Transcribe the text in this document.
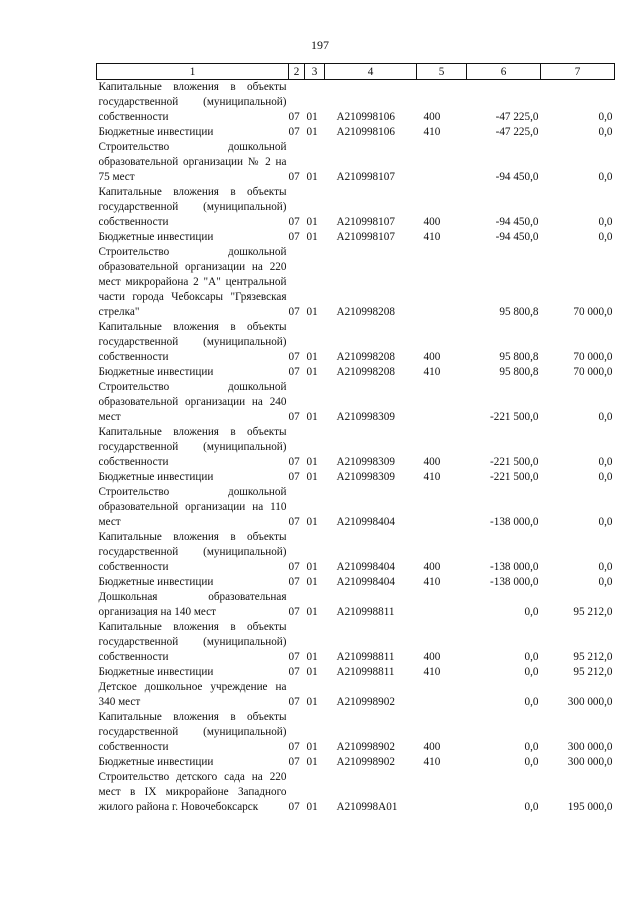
197
1	2	3	4	5	6	7
Капитальные вложения в объекты государственной (муниципальной) собственности	07	01	А210998106	400	-47 225,0	0,0
Бюджетные инвестиции	07	01	А210998106	410	-47 225,0	0,0
Строительство дошкольной образовательной организации № 2 на 75 мест	07	01	А210998107		-94 450,0	0,0
Капитальные вложения в объекты государственной (муниципальной) собственности	07	01	А210998107	400	-94 450,0	0,0
Бюджетные инвестиции	07	01	А210998107	410	-94 450,0	0,0
Строительство дошкольной образовательной организации на 220 мест микрорайона 2 "А" центральной части города Чебоксары "Грязевская стрелка"	07	01	А210998208		95 800,8	70 000,0
Капитальные вложения в объекты государственной (муниципальной) собственности	07	01	А210998208	400	95 800,8	70 000,0
Бюджетные инвестиции	07	01	А210998208	410	95 800,8	70 000,0
Строительство дошкольной образовательной организации на 240 мест	07	01	А210998309		-221 500,0	0,0
Капитальные вложения в объекты государственной (муниципальной) собственности	07	01	А210998309	400	-221 500,0	0,0
Бюджетные инвестиции	07	01	А210998309	410	-221 500,0	0,0
Строительство дошкольной образовательной организации на 110 мест	07	01	А210998404		-138 000,0	0,0
Капитальные вложения в объекты государственной (муниципальной) собственности	07	01	А210998404	400	-138 000,0	0,0
Бюджетные инвестиции	07	01	А210998404	410	-138 000,0	0,0
Дошкольная образовательная организация на 140 мест	07	01	А210998811		0,0	95 212,0
Капитальные вложения в объекты государственной (муниципальной) собственности	07	01	А210998811	400	0,0	95 212,0
Бюджетные инвестиции	07	01	А210998811	410	0,0	95 212,0
Детское дошкольное учреждение на 340 мест	07	01	А210998902		0,0	300 000,0
Капитальные вложения в объекты государственной (муниципальной) собственности	07	01	А210998902	400	0,0	300 000,0
Бюджетные инвестиции	07	01	А210998902	410	0,0	300 000,0
Строительство детского сада на 220 мест в IX микрорайоне Западного жилого района г. Новочебоксарск	07	01	А210998А01		0,0	195 000,0
